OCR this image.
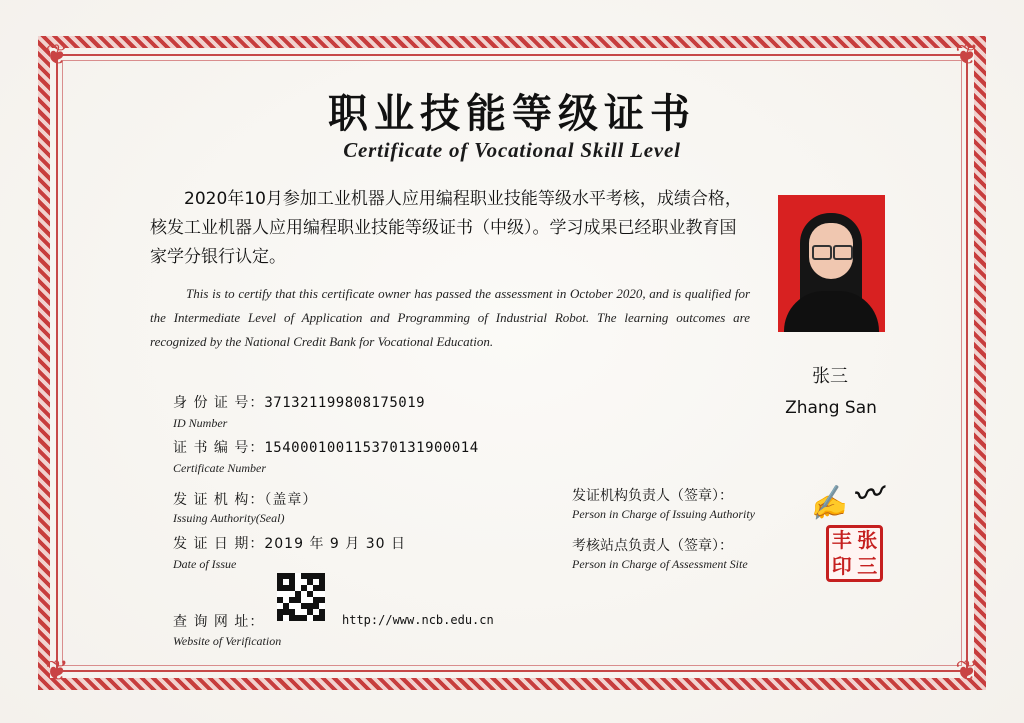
❦	❦
❦	❦
职业技能等级证书
Certificate of Vocational Skill Level
2020年10月参加工业机器人应用编程职业技能等级水平考核，成绩合格，核发工业机器人应用编程职业技能等级证书（中级）。学习成果已经职业教育国家学分银行认定。
This is to certify that this certificate owner has passed the assessment in October 2020, and is qualified for the Intermediate Level of Application and Programming of Industrial Robot. The learning outcomes are recognized by the National Credit Bank for Vocational Education.
张三
Zhang San
身 份 证 号：371321199808175019
ID Number
证 书 编 号：154000100115370131900014
Certificate Number
发 证 机 构：（盖章）
Issuing Authority(Seal)
发 证 日 期：2019 年 9 月 30 日
Date of Issue
查 询 网 址：	http://www.ncb.edu.cn
Website of Verification
发证机构负责人（签章）：
Person in Charge of Issuing Authority ✍ 〰
考核站点负责人（签章）：
Person in Charge of Assessment Site
丰 张
印 三
